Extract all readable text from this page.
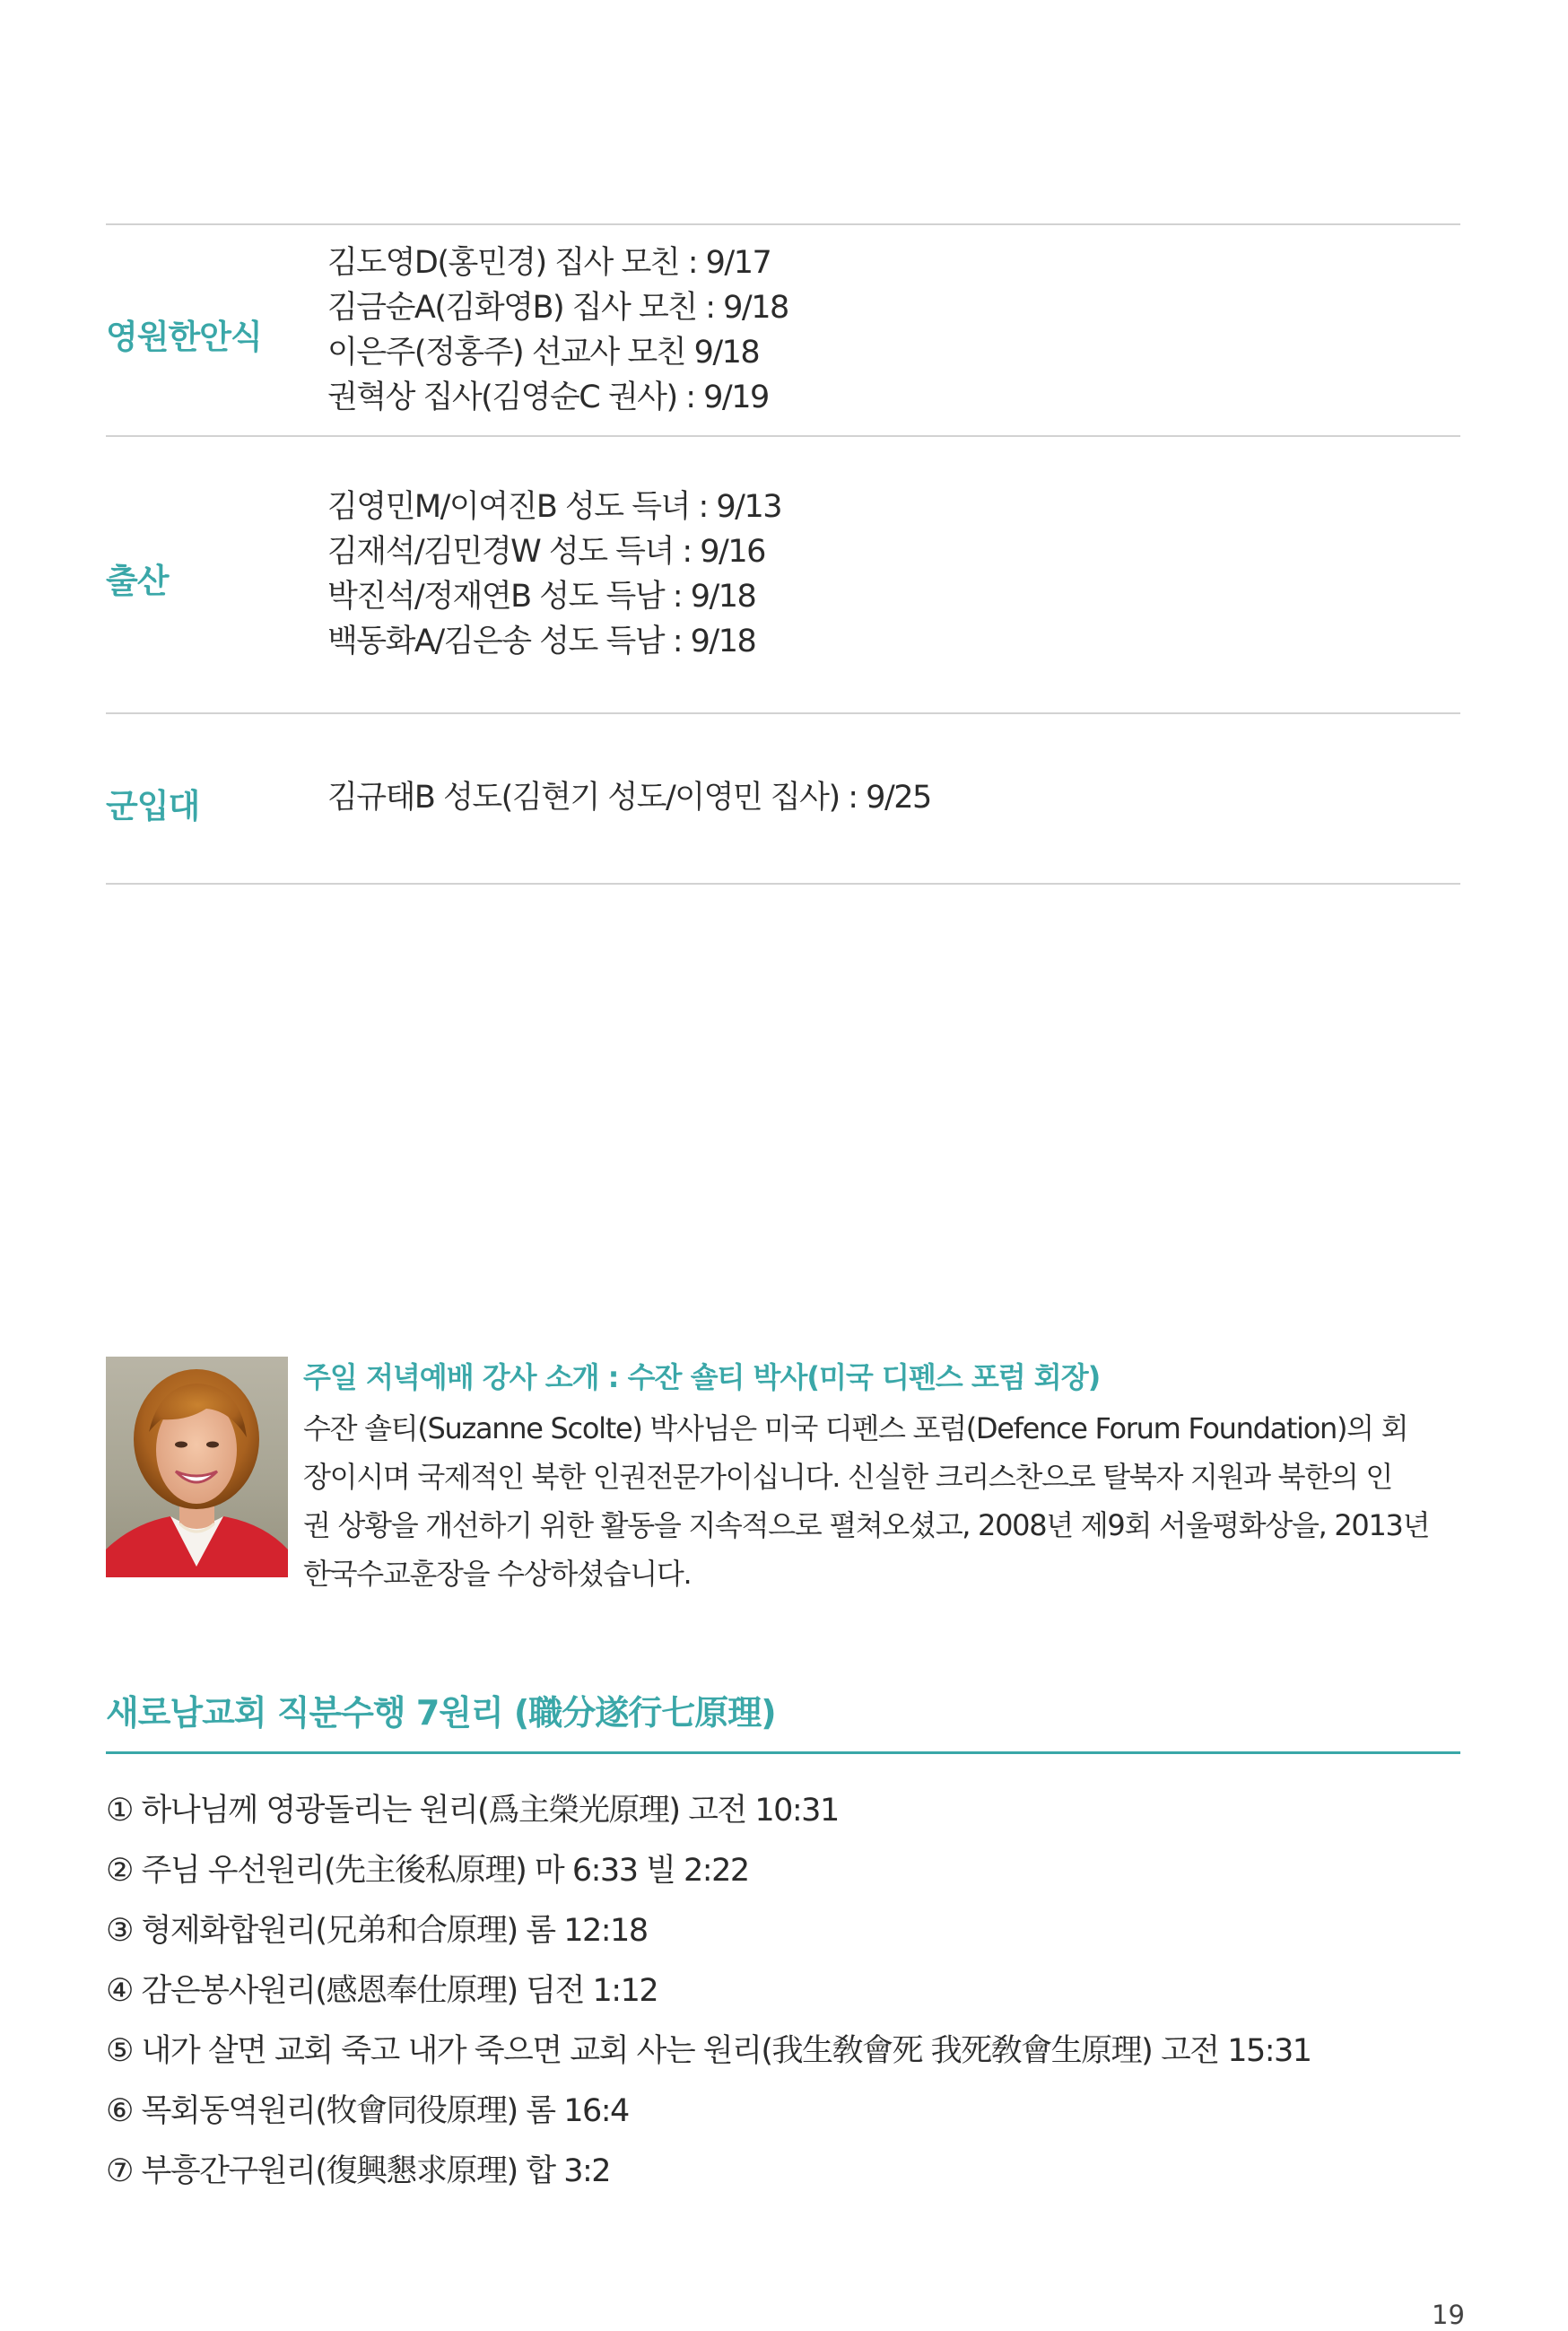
영원한안식
김도영D(홍민경) 집사 모친 : 9/17
김금순A(김화영B) 집사 모친 : 9/18
이은주(정홍주) 선교사 모친 9/18
권혁상 집사(김영순C 권사) : 9/19
출산
김영민M/이여진B 성도 득녀 : 9/13
김재석/김민경W 성도 득녀 : 9/16
박진석/정재연B 성도 득남 : 9/18
백동화A/김은송 성도 득남 : 9/18
군입대	김규태B 성도(김현기 성도/이영민 집사) : 9/25
주일 저녁예배 강사 소개 : 수잔 숄티 박사(미국 디펜스 포럼 회장)
수잔 숄티(Suzanne Scolte) 박사님은 미국 디펜스 포럼(Defence Forum Foundation)의 회
장이시며 국제적인 북한 인권전문가이십니다. 신실한 크리스찬으로 탈북자 지원과 북한의 인
권 상황을 개선하기 위한 활동을 지속적으로 펼쳐오셨고, 2008년 제9회 서울평화상을, 2013년
한국수교훈장을 수상하셨습니다.
새로남교회 직분수행 7원리 (職分遂行七原理)
① 하나님께 영광돌리는 원리(爲主榮光原理) 고전 10:31
② 주님 우선원리(先主後私原理) 마 6:33 빌 2:22
③ 형제화합원리(兄弟和合原理) 롬 12:18
④ 감은봉사원리(感恩奉仕原理) 딤전 1:12
⑤ 내가 살면 교회 죽고 내가 죽으면 교회 사는 원리(我生敎會死 我死敎會生原理) 고전 15:31
⑥ 목회동역원리(牧會同役原理) 롬 16:4
⑦ 부흥간구원리(復興懇求原理) 합 3:2
19
